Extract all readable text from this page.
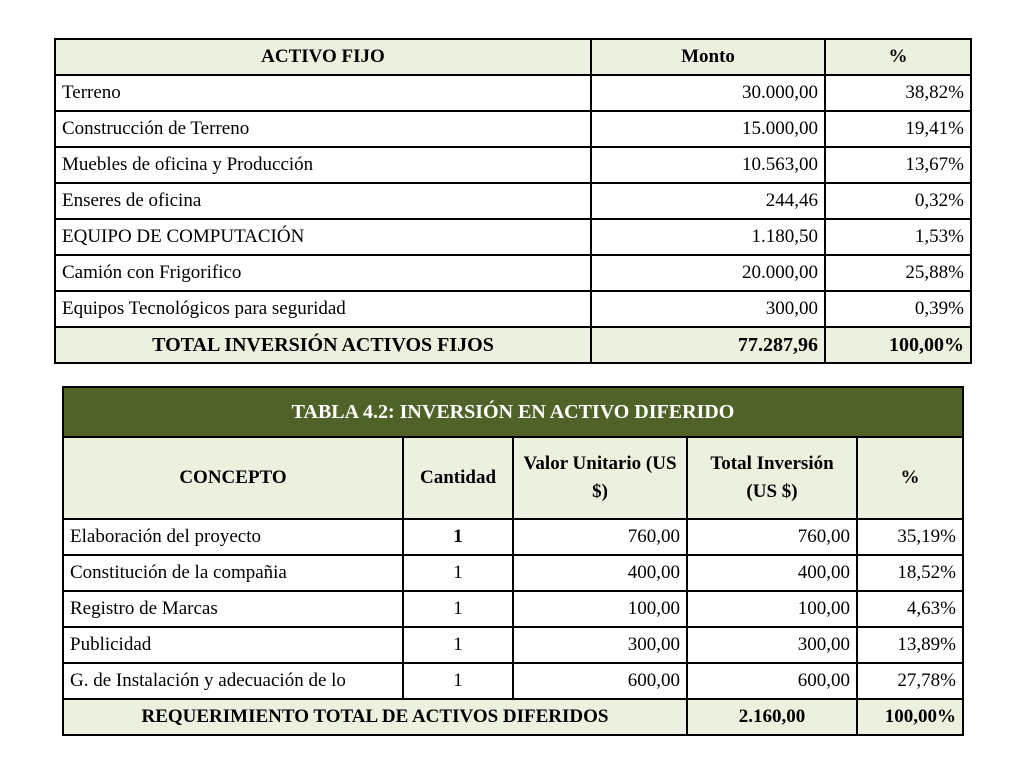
ACTIVO FIJO	Monto	%
Terreno	30.000,00	38,82%
Construcción de Terreno	15.000,00	19,41%
Muebles de oficina y Producción	10.563,00	13,67%
Enseres de oficina	244,46	0,32%
EQUIPO DE COMPUTACIÓN	1.180,50	1,53%
Camión con Frigorifico	20.000,00	25,88%
Equipos Tecnológicos para seguridad	300,00	0,39%
TOTAL INVERSIÓN ACTIVOS FIJOS	77.287,96	100,00%
TABLA 4.2: INVERSIÓN EN ACTIVO DIFERIDO				
CONCEPTO	Cantidad	Valor Unitario (US $)	Total Inversión (US $)	%
Elaboración del proyecto	1	760,00	760,00	35,19%
Constitución de la compañia	1	400,00	400,00	18,52%
Registro de Marcas	1	100,00	100,00	4,63%
Publicidad	1	300,00	300,00	13,89%
G. de Instalación y adecuación de lo	1	600,00	600,00	27,78%
REQUERIMIENTO TOTAL DE ACTIVOS DIFERIDOS			2.160,00	100,00%
